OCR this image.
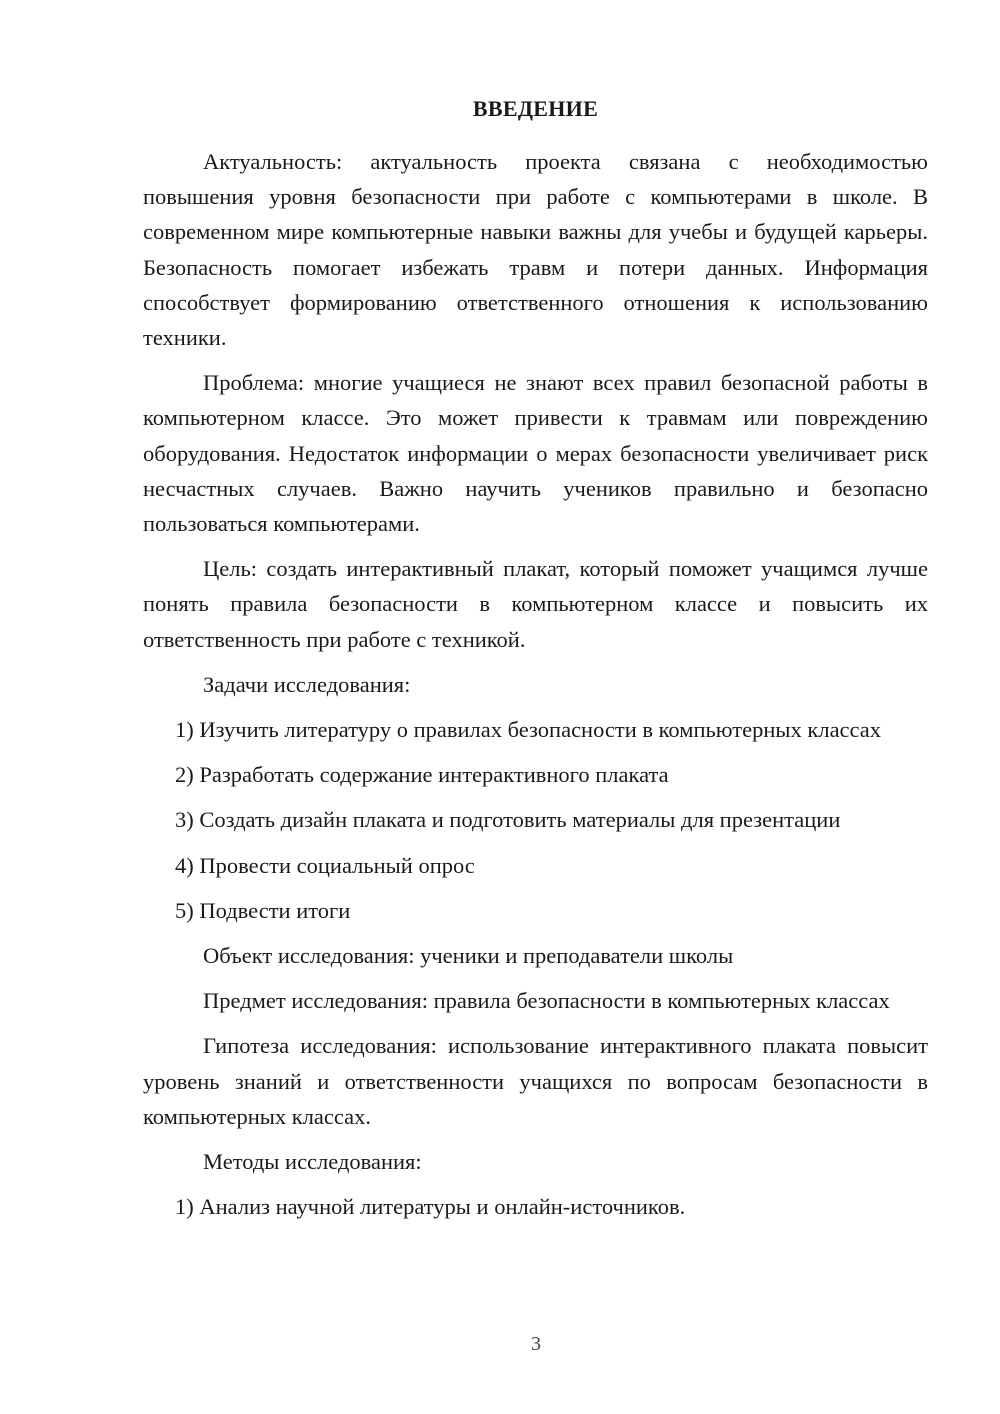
ВВЕДЕНИЕ

Актуальность: актуальность проекта связана с необходимостью повышения уровня безопасности при работе с компьютерами в школе. В современном мире компьютерные навыки важны для учебы и будущей карьеры. Безопасность помогает избежать травм и потери данных. Информация способствует формированию ответственного отношения к использованию техники.

Проблема: многие учащиеся не знают всех правил безопасной работы в компьютерном классе. Это может привести к травмам или повреждению оборудования. Недостаток информации о мерах безопасности увеличивает риск несчастных случаев. Важно научить учеников правильно и безопасно пользоваться компьютерами.

Цель: создать интерактивный плакат, который поможет учащимся лучше понять правила безопасности в компьютерном классе и повысить их ответственность при работе с техникой.

Задачи исследования:

1) Изучить литературу о правилах безопасности в компьютерных классах

2) Разработать содержание интерактивного плаката

3) Создать дизайн плаката и подготовить материалы для презентации

4) Провести социальный опрос

5) Подвести итоги

Объект исследования: ученики и преподаватели школы

Предмет исследования: правила безопасности в компьютерных классах

Гипотеза исследования: использование интерактивного плаката повысит уровень знаний и ответственности учащихся по вопросам безопасности в компьютерных классах.

Методы исследования:

1) Анализ научной литературы и онлайн-источников.

3
